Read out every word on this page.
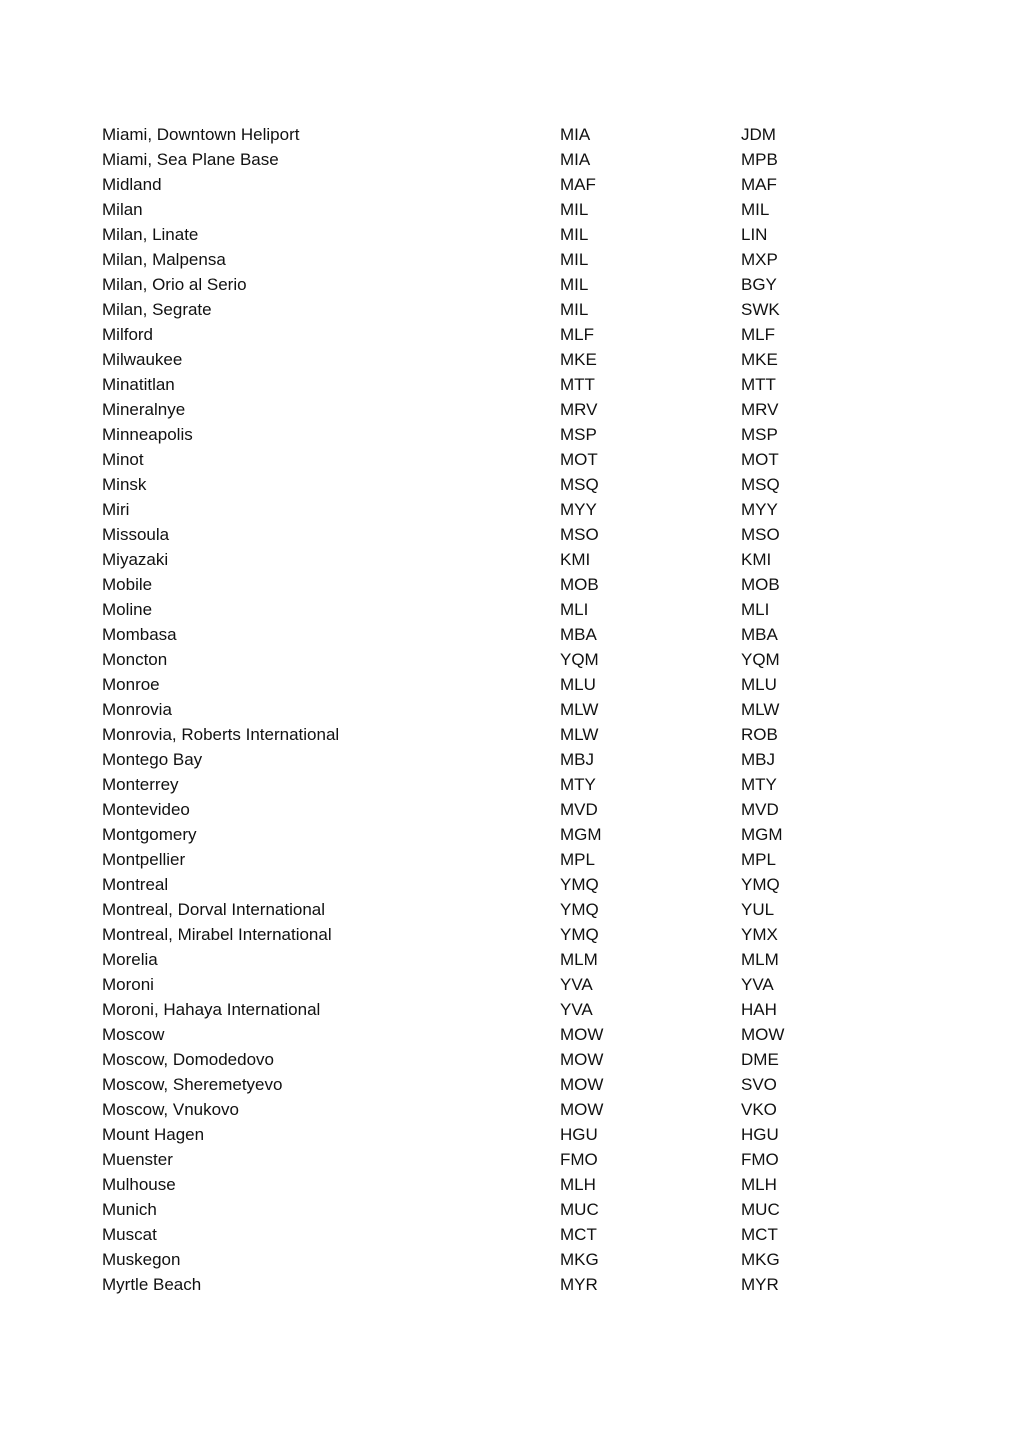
Miami, Downtown Heliport	MIA	JDM
Miami, Sea Plane Base	MIA	MPB
Midland	MAF	MAF
Milan	MIL	MIL
Milan, Linate	MIL	LIN
Milan, Malpensa	MIL	MXP
Milan, Orio al Serio	MIL	BGY
Milan, Segrate	MIL	SWK
Milford	MLF	MLF
Milwaukee	MKE	MKE
Minatitlan	MTT	MTT
Mineralnye	MRV	MRV
Minneapolis	MSP	MSP
Minot	MOT	MOT
Minsk	MSQ	MSQ
Miri	MYY	MYY
Missoula	MSO	MSO
Miyazaki	KMI	KMI
Mobile	MOB	MOB
Moline	MLI	MLI
Mombasa	MBA	MBA
Moncton	YQM	YQM
Monroe	MLU	MLU
Monrovia	MLW	MLW
Monrovia, Roberts International	MLW	ROB
Montego Bay	MBJ	MBJ
Monterrey	MTY	MTY
Montevideo	MVD	MVD
Montgomery	MGM	MGM
Montpellier	MPL	MPL
Montreal	YMQ	YMQ
Montreal, Dorval International	YMQ	YUL
Montreal, Mirabel International	YMQ	YMX
Morelia	MLM	MLM
Moroni	YVA	YVA
Moroni, Hahaya International	YVA	HAH
Moscow	MOW	MOW
Moscow, Domodedovo	MOW	DME
Moscow, Sheremetyevo	MOW	SVO
Moscow, Vnukovo	MOW	VKO
Mount Hagen	HGU	HGU
Muenster	FMO	FMO
Mulhouse	MLH	MLH
Munich	MUC	MUC
Muscat	MCT	MCT
Muskegon	MKG	MKG
Myrtle Beach	MYR	MYR
